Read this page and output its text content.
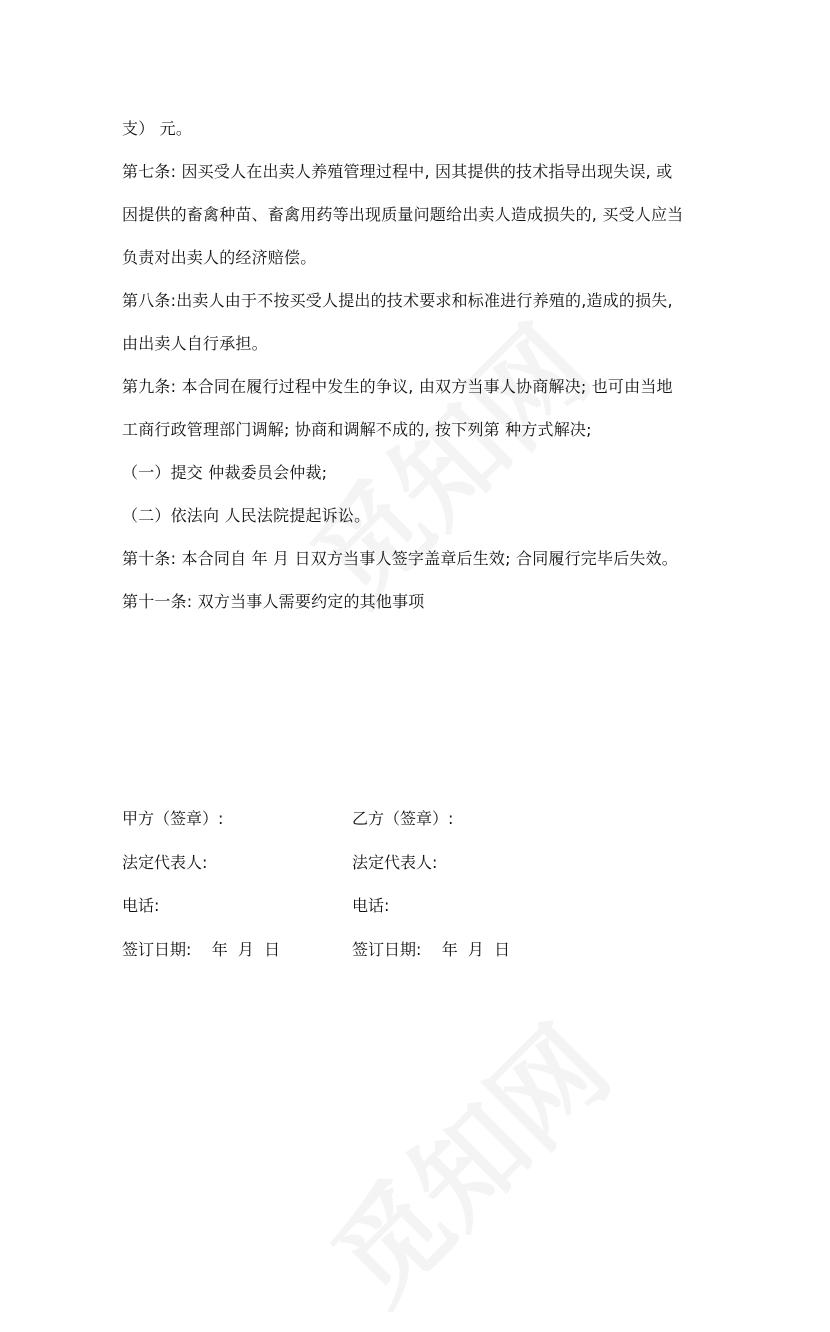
支） 元。
第七条: 因买受人在出卖人养殖管理过程中, 因其提供的技术指导出现失误, 或
因提供的畜禽种苗、畜禽用药等出现质量问题给出卖人造成损失的, 买受人应当
负责对出卖人的经济赔偿。
第八条:出卖人由于不按买受人提出的技术要求和标准进行养殖的,造成的损失,
由出卖人自行承担。
第九条: 本合同在履行过程中发生的争议, 由双方当事人协商解决; 也可由当地
工商行政管理部门调解; 协商和调解不成的, 按下列第 种方式解决;
（一）提交 仲裁委员会仲裁;
（二）依法向 人民法院提起诉讼。
第十条: 本合同自 年 月 日双方当事人签字盖章后生效; 合同履行完毕后失效。
第十一条: 双方当事人需要约定的其他事项
甲方（签章）:	乙方（签章）:
法定代表人:	法定代表人:
电话:	电话:
签订日期:    年  月  日	签订日期:    年  月  日
